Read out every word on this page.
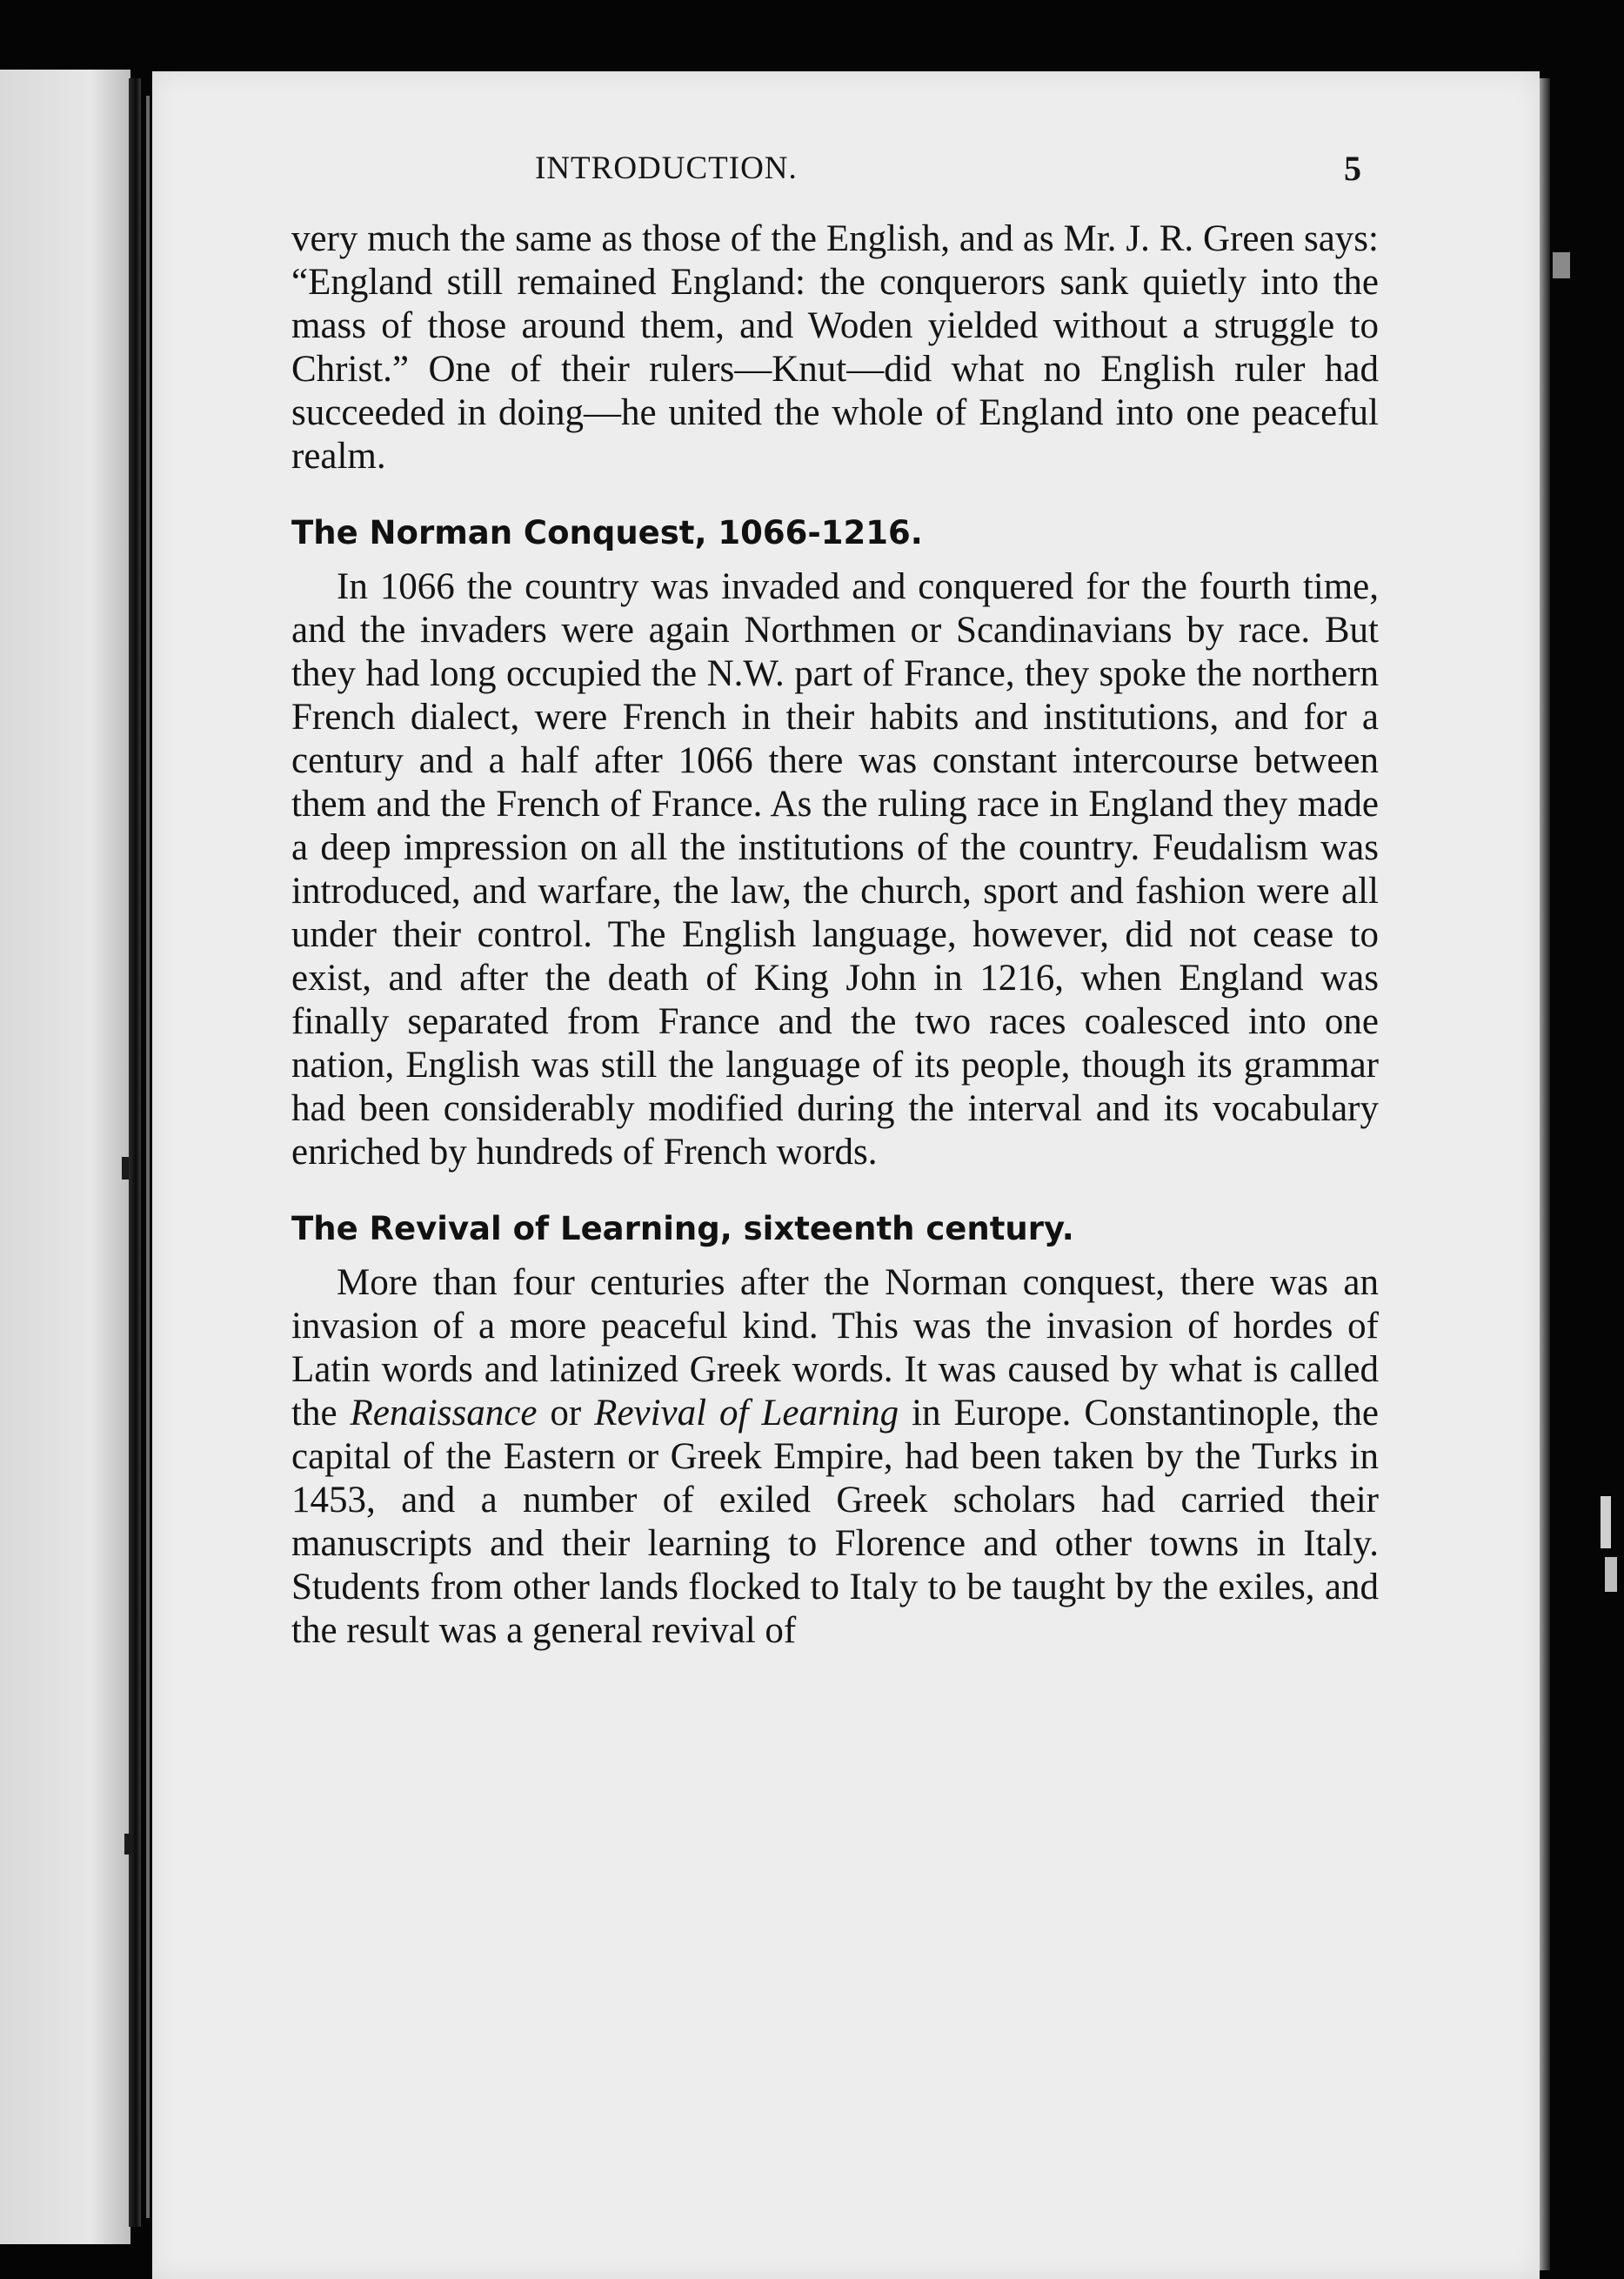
INTRODUCTION.	5

very much the same as those of the English, and as Mr. J. R. Green says: “England still remained England: the conquerors sank quietly into the mass of those around them, and Woden yielded without a struggle to Christ.” One of their rulers—Knut—did what no English ruler had succeeded in doing—he united the whole of England into one peaceful realm.

The Norman Conquest, 1066-1216.

In 1066 the country was invaded and conquered for the fourth time, and the invaders were again Northmen or Scandinavians by race. But they had long occupied the N.W. part of France, they spoke the northern French dialect, were French in their habits and institutions, and for a century and a half after 1066 there was constant intercourse between them and the French of France. As the ruling race in England they made a deep impression on all the institutions of the country. Feudalism was introduced, and warfare, the law, the church, sport and fashion were all under their control. The English language, however, did not cease to exist, and after the death of King John in 1216, when England was finally separated from France and the two races coalesced into one nation, English was still the language of its people, though its grammar had been considerably modified during the interval and its vocabulary enriched by hundreds of French words.

The Revival of Learning, sixteenth century.

More than four centuries after the Norman conquest, there was an invasion of a more peaceful kind. This was the invasion of hordes of Latin words and latinized Greek words. It was caused by what is called the Renaissance or Revival of Learning in Europe. Constantinople, the capital of the Eastern or Greek Empire, had been taken by the Turks in 1453, and a number of exiled Greek scholars had carried their manuscripts and their learning to Florence and other towns in Italy. Students from other lands flocked to Italy to be taught by the exiles, and the result was a general revival of
